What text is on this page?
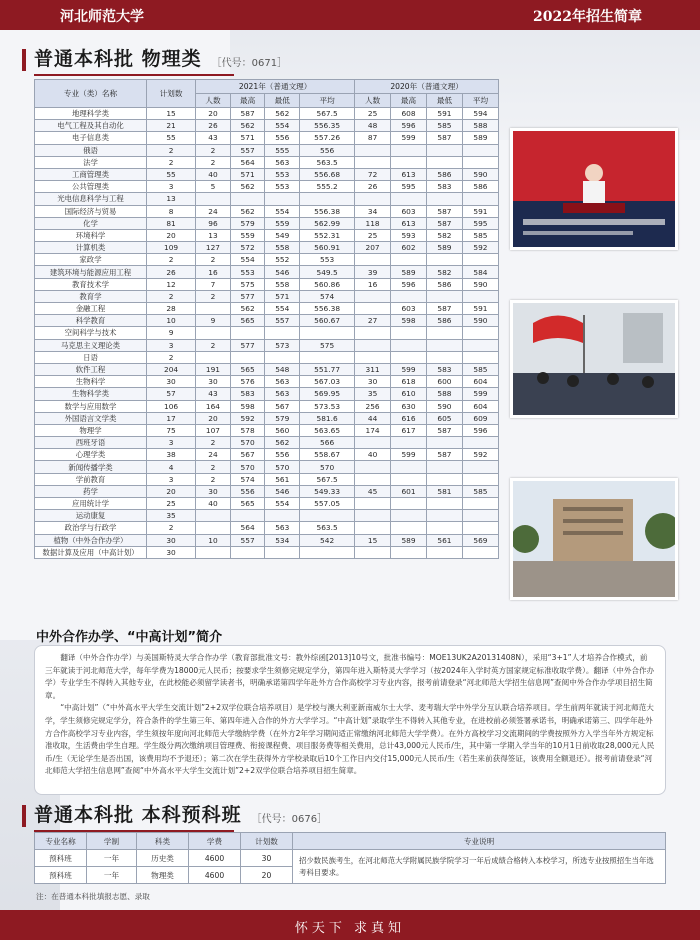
河北师范大学	2022年招生简章
普通本科批 物理类 ［代号：0671］
专业（类）名称	计划数	2021年（普通文理）				2020年（普通文理）			
		人数	最高	最低	平均	人数	最高	最低	平均
地理科学类	15	20	587	562	567.5	25	608	591	594
电气工程及其自动化	21	26	562	554	556.35	48	596	585	588
电子信息类	55	43	571	556	557.26	87	599	587	589
俄语	2	2	557	555	556				
法学	2	2	564	563	563.5				
工商管理类	55	40	571	553	556.68	72	613	586	590
公共管理类	3	5	562	553	555.2	26	595	583	586
光电信息科学与工程	13								
国际经济与贸易	8	24	562	554	556.38	34	603	587	591
化学	81	96	579	559	562.99	118	613	587	595
环境科学	20	13	559	549	552.31	25	593	582	585
计算机类	109	127	572	558	560.91	207	602	589	592
家政学	2	2	554	552	553				
建筑环境与能源应用工程	26	16	553	546	549.5	39	589	582	584
教育技术学	12	7	575	558	560.86	16	596	586	590
教育学	2	2	577	571	574				
金融工程	28		562	554	556.38		603	587	591
科学教育	10	9	565	557	560.67	27	598	586	590
空间科学与技术	9								
马克思主义理论类	3	2	577	573	575				
日语	2								
软件工程	204	191	565	548	551.77	311	599	583	585
生物科学	30	30	576	563	567.03	30	618	600	604
生物科学类	57	43	583	563	569.95	35	610	588	599
数学与应用数学	106	164	598	567	573.53	256	630	590	604
外国语言文学类	17	20	592	579	581.6	44	616	605	609
物理学	75	107	578	560	563.65	174	617	587	596
西班牙语	3	2	570	562	566				
心理学类	38	24	567	556	558.67	40	599	587	592
新闻传播学类	4	2	570	570	570				
学前教育	3	2	574	561	567.5				
药学	20	30	556	546	549.33	45	601	581	585
应用统计学	25	40	565	554	557.05				
运动康复	35								
政治学与行政学	2		564	563	563.5				
植物（中外合作办学）	30	10	557	534	542	15	589	561	569
数据计算及应用（中高计划）	30								
中外合作办学、“中高计划”简介

翻译（中外合作办学）与美国斯特灵大学合作办学（教育部批准文号：教外综函[2013]10号文，批准书编号：MOE13UK2A20131408N），采用“3+1”人才培养合作模式，前三年就读于河北师范大学，每年学费为18000元人民币；按要求学生须修完规定学分，第四年进入斯特灵大学学习（按2024年入学时英方国家规定标准收取学费）。翻译（中外合作办学）专业学生不得转入其他专业，在此校能必须留学读者书，明确承诺第四学年赴外方合作高校学习专业内容，报考前请登录“河北师范大学招生信息网”查阅中外合作办学项目招生简章。

“中高计划”（“中外高水平大学生交流计划”2+2双学位联合培养项目）是学校与澳大利亚新南威尔士大学、麦考瑞大学中外学分互认联合培养项目。学生前两年就读于河北师范大学，学生须修完规定学分，符合条件的学生第三年、第四年进入合作的外方大学学习。“中高计划”录取学生不得转入其他专业，在进校前必须签署承诺书，明确承诺第三、四学年赴外方合作高校学习专业内容，学生须按年度向河北师范大学缴纳学费（在外方2年学习期间适正常缴纳河北师范大学学费）。在外方高校学习交流期间的学费按照外方入学当年外方规定标准收取，生活费由学生自理。学生级分两次缴纳项目管理费、衔接课程费、项目服务费等相关费用，总计43,000元人民币/生，其中第一学期入学当年的10月1日前收取28,000元人民币/生（无论学生是否出国，该费用均不予退还）；第二次在学生获得外方学校录取后10个工作日内交付15,000元人民币/生（若生来前获得签证，该费用全额退还）。报考前请登录“河北师范大学招生信息网”查阅“中外高水平大学生交流计划”2+2双学位联合培养项目招生简章。

普通本科批 本科预科班 ［代号：0676］
专业名称	学制	科类	学费	计划数	专业说明
预科班	一年	历史类	4600	30	招少数民族考生，在河北师范大学附属民族学院学习一年后成绩合格转入本校学习，所选专业按照招生当年选考科目要求。
预科班	一年	物理类	4600	20	
注：在普通本科批填报志愿、录取
怀天下 求真知
